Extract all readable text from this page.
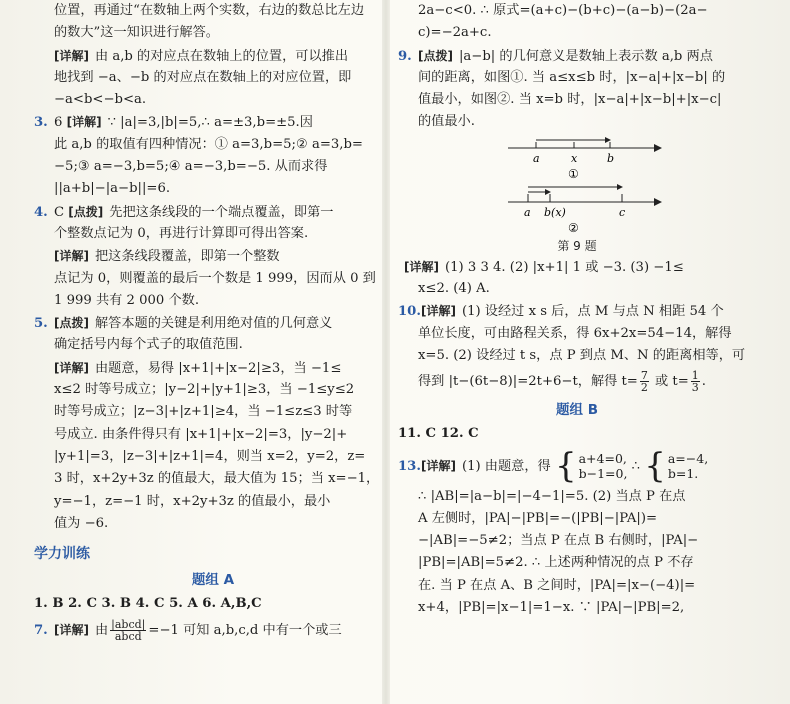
位置，再通过“在数轴上两个实数，右边的数总比左边
的数大”这一知识进行解答。
[详解] 由 a,b 的对应点在数轴上的位置，可以推出
地找到 −a、−b 的对应点在数轴上的对应位置，即
−a<b<−b<a.
3. 6 [详解] ∵ |a|=3,|b|=5,∴ a=±3,b=±5.因
此 a,b 的取值有四种情况：① a=3,b=5;② a=3,b=
−5;③ a=−3,b=5;④ a=−3,b=−5. 从而求得
||a+b|−|a−b||=6.
4. C [点拨] 先把这条线段的一个端点覆盖，即第一
个整数点记为 0，再进行计算即可得出答案.
[详解] 把这条线段覆盖，即第一个整数
点记为 0，则覆盖的最后一个数是 1 999，因而从 0 到
1 999 共有 2 000 个数.
5. [点拨] 解答本题的关键是利用绝对值的几何意义
确定括号内每个式子的取值范围.
[详解] 由题意，易得 |x+1|+|x−2|≥3，当 −1≤
x≤2 时等号成立；|y−2|+|y+1|≥3，当 −1≤y≤2
时等号成立；|z−3|+|z+1|≥4，当 −1≤z≤3 时等
号成立. 由条件得只有 |x+1|+|x−2|=3，|y−2|+
|y+1|=3，|z−3|+|z+1|=4，则当 x=2，y=2，z=
3 时，x+2y+3z 的值最大，最大值为 15；当 x=−1，
y=−1，z=−1 时，x+2y+3z 的值最小，最小
值为 −6.
学力训练
题组 A
1. B 2. C 3. B 4. C 5. A 6. A,B,C
7. [详解] 由 $\frac{\text{|abcd|}}{\text{abcd}} =-1$ 可知 a,b,c,d 中有一个或三
2a−c<0. ∴ 原式=(a+c)−(b+c)−(a−b)−(2a−
c)=−2a+c.
9. [点拨] |a−b| 的几何意义是数轴上表示数 a,b 两点
间的距离，如图①. 当 a≤x≤b 时，|x−a|+|x−b| 的
值最小，如图②. 当 x=b 时，|x−a|+|x−b|+|x−c|
的值最小.
a	x	b
①
a b(x)	c
②
第 9 题
[详解] (1) 3 3 4. (2) |x+1| 1 或 −3. (3) −1≤
x≤2. (4) A.
10.[详解] (1) 设经过 x s 后，点 M 与点 N 相距 54 个
单位长度，可由路程关系，得 6x+2x=54−14，解得
x=5. (2) 设经过 t s，点 P 到点 M、N 的距离相等，可
得到 |t−(6t−8)|=2t+6−t，解得 $t= \frac{7}{2}$ 或 $t= \frac{1}{3}$ .
题组 B
11. C 12. C
13.[详解] (1) 由题意，得 { a+4=0,
b−1=0, ∴ { a=−4,
b=1.
∴ |AB|=|a−b|=|−4−1|=5. (2) 当点 P 在点
A 左侧时，|PA|−|PB|=−(|PB|−|PA|)=
−|AB|=−5≠2；当点 P 在点 B 右侧时，|PA|−
|PB|=|AB|=5≠2. ∴ 上述两种情况的点 P 不存
在. 当 P 在点 A、B 之间时，|PA|=|x−(−4)|=
x+4，|PB|=|x−1|=1−x. ∵ |PA|−|PB|=2,
